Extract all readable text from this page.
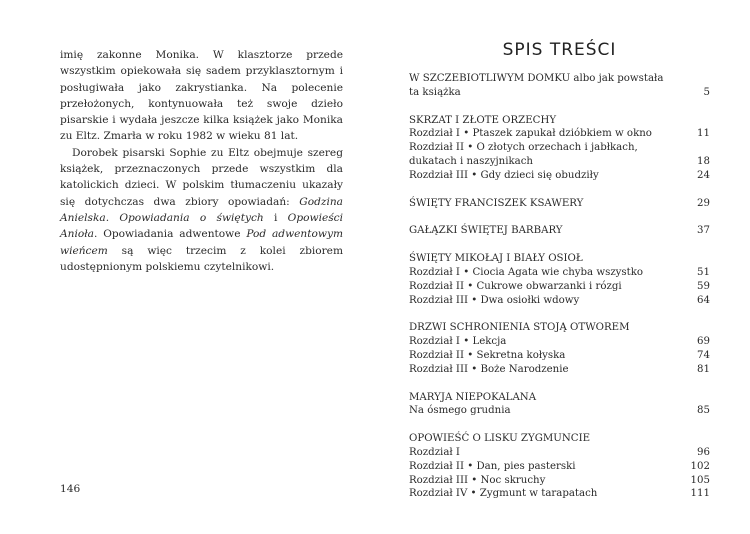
imię zakonne Monika. W klasztorze przede wszystkim opiekowała się sadem przyklasztornym i posługiwała jako zakrystianka. Na polecenie przełożonych, kontynuowała też swoje dzieło pisarskie i wydała jeszcze kilka książek jako Monika zu Eltz. Zmarła w roku 1982 w wieku 81 lat.

Dorobek pisarski Sophie zu Eltz obejmuje szereg książek, przeznaczonych przede wszystkim dla katolickich dzieci. W polskim tłumaczeniu ukazały się dotychczas dwa zbiory opowiadań: Godzina Anielska. Opowiadania o świętych i Opowieści Anioła. Opowiadania adwentowe Pod adwentowym wieńcem są więc trzecim z kolei zbiorem udostępnionym polskiemu czytelnikowi.

146
SPIS TREŚCI
W SZCZEBIOTLIWYM DOMKU albo jak powstała ta książka	5
SKRZAT I ZŁOTE ORZECHY
Rozdział I • Ptaszek zapukał dzióbkiem w okno	11
Rozdział II • O złotych orzechach i jabłkach, dukatach i naszyjnikach	18
Rozdział III • Gdy dzieci się obudziły	24
ŚWIĘTY FRANCISZEK KSAWERY	29
GAŁĄZKI ŚWIĘTEJ BARBARY	37
ŚWIĘTY MIKOŁAJ I BIAŁY OSIOŁ
Rozdział I • Ciocia Agata wie chyba wszystko	51
Rozdział II • Cukrowe obwarzanki i rózgi	59
Rozdział III • Dwa osiołki wdowy	64
DRZWI SCHRONIENIA STOJĄ OTWOREM
Rozdział I • Lekcja	69
Rozdział II • Sekretna kołyska	74
Rozdział III • Boże Narodzenie	81
MARYJA NIEPOKALANA
Na ósmego grudnia	85
OPOWIEŚĆ O LISKU ZYGMUNCIE
Rozdział I	96
Rozdział II • Dan, pies pasterski	102
Rozdział III • Noc skruchy	105
Rozdział IV • Zygmunt w tarapatach	111
